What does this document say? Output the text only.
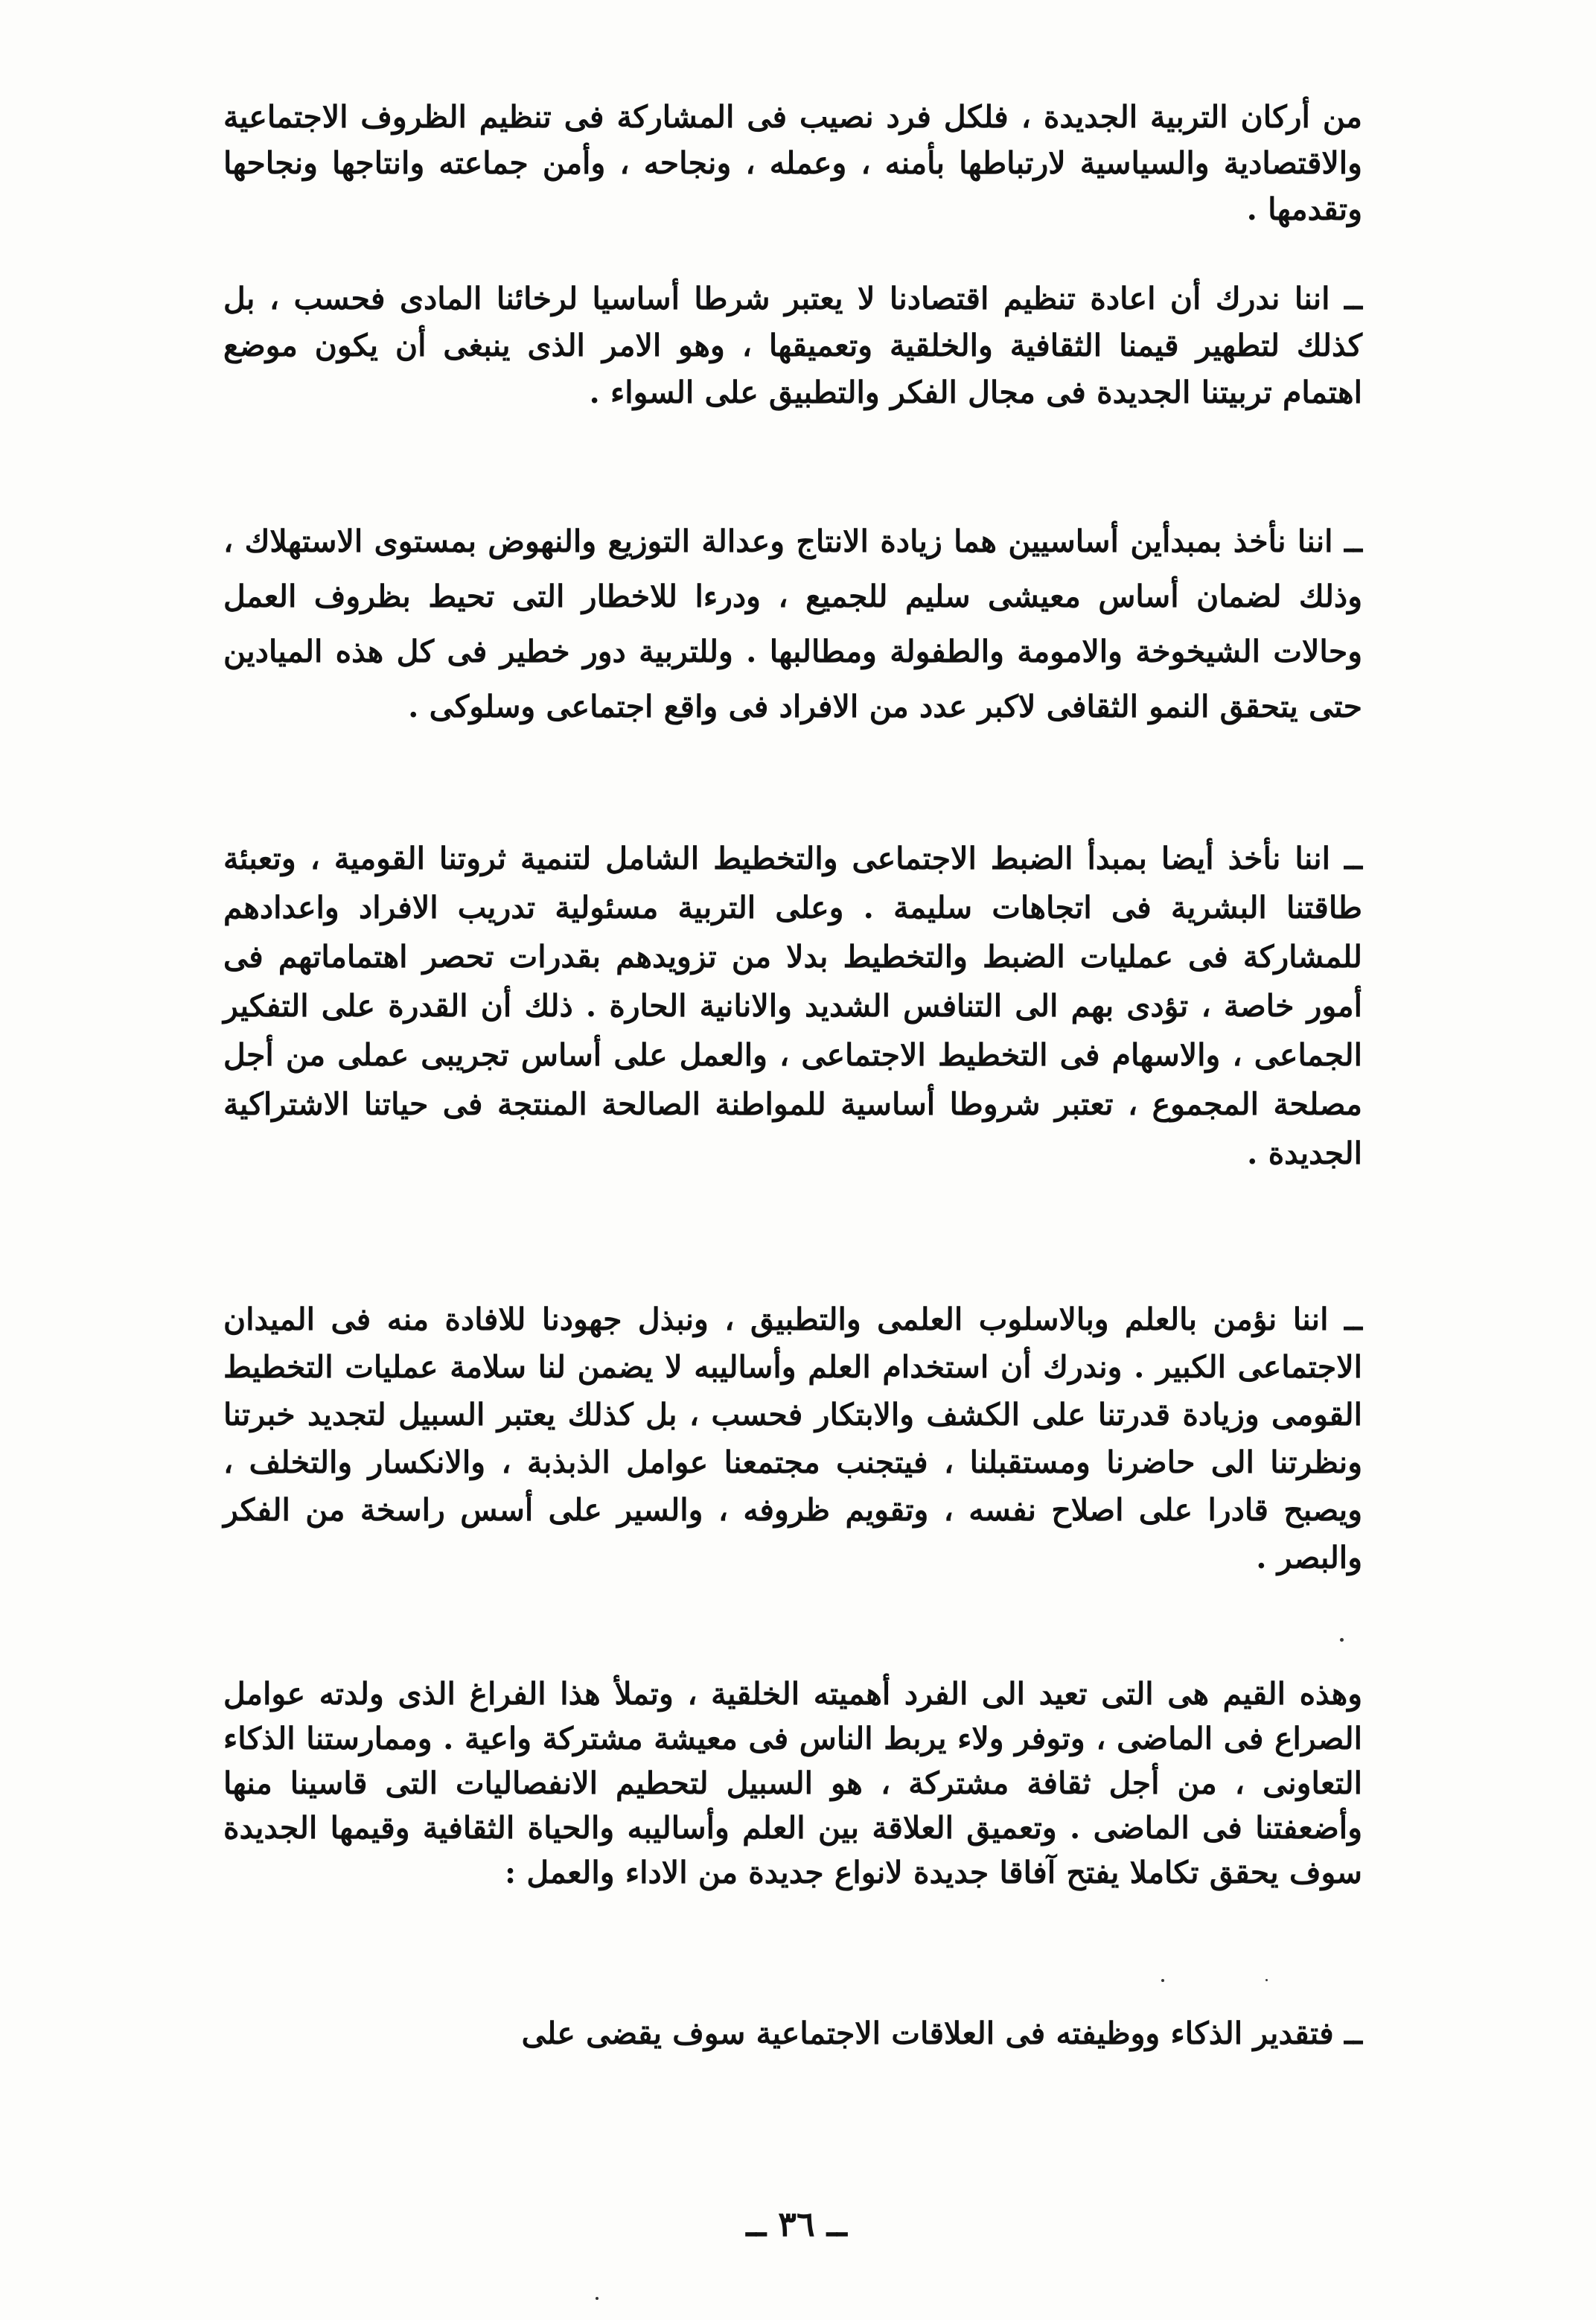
من أركان التربية الجديدة ، فلكل فرد نصيب فى المشاركة فى تنظيم الظروف الاجتماعية والاقتصادية والسياسية لارتباطها بأمنه ، وعمله ، ونجاحه ، وأمن جماعته وانتاجها ونجاحها وتقدمها .

ــ اننا ندرك أن اعادة تنظيم اقتصادنا لا يعتبر شرطا أساسيا لرخائنا المادى فحسب ، بل كذلك لتطهير قيمنا الثقافية والخلقية وتعميقها ، وهو الامر الذى ينبغى أن يكون موضع اهتمام تربيتنا الجديدة فى مجال الفكر والتطبيق على السواء .

ــ اننا نأخذ بمبدأين أساسيين هما زيادة الانتاج وعدالة التوزيع والنهوض بمستوى الاستهلاك ، وذلك لضمان أساس معيشى سليم للجميع ، ودرءا للاخطار التى تحيط بظروف العمل وحالات الشيخوخة والامومة والطفولة ومطالبها . وللتربية دور خطير فى كل هذه الميادين حتى يتحقق النمو الثقافى لاكبر عدد من الافراد فى واقع اجتماعى وسلوكى .

ــ اننا نأخذ أيضا بمبدأ الضبط الاجتماعى والتخطيط الشامل لتنمية ثروتنا القومية ، وتعبئة طاقتنا البشرية فى اتجاهات سليمة . وعلى التربية مسئولية تدريب الافراد واعدادهم للمشاركة فى عمليات الضبط والتخطيط بدلا من تزويدهم بقدرات تحصر اهتماماتهم فى أمور خاصة ، تؤدى بهم الى التنافس الشديد والانانية الحارة . ذلك أن القدرة على التفكير الجماعى ، والاسهام فى التخطيط الاجتماعى ، والعمل على أساس تجريبى عملى من أجل مصلحة المجموع ، تعتبر شروطا أساسية للمواطنة الصالحة المنتجة فى حياتنا الاشتراكية الجديدة .

ــ اننا نؤمن بالعلم وبالاسلوب العلمى والتطبيق ، ونبذل جهودنا للافادة منه فى الميدان الاجتماعى الكبير . وندرك أن استخدام العلم وأساليبه لا يضمن لنا سلامة عمليات التخطيط القومى وزيادة قدرتنا على الكشف والابتكار فحسب ، بل كذلك يعتبر السبيل لتجديد خبرتنا ونظرتنا الى حاضرنا ومستقبلنا ، فيتجنب مجتمعنا عوامل الذبذبة ، والانكسار والتخلف ، ويصبح قادرا على اصلاح نفسه ، وتقويم ظروفه ، والسير على أسس راسخة من الفكر والبصر .

وهذه القيم هى التى تعيد الى الفرد أهميته الخلقية ، وتملأ هذا الفراغ الذى ولدته عوامل الصراع فى الماضى ، وتوفر ولاء يربط الناس فى معيشة مشتركة واعية . وممارستنا الذكاء التعاونى ، من أجل ثقافة مشتركة ، هو السبيل لتحطيم الانفصاليات التى قاسينا منها وأضعفتنا فى الماضى . وتعميق العلاقة بين العلم وأساليبه والحياة الثقافية وقيمها الجديدة سوف يحقق تكاملا يفتح آفاقا جديدة لانواع جديدة من الاداء والعمل :

ــ فتقدير الذكاء ووظيفته فى العلاقات الاجتماعية سوف يقضى على

ــ ٣٦ ــ
